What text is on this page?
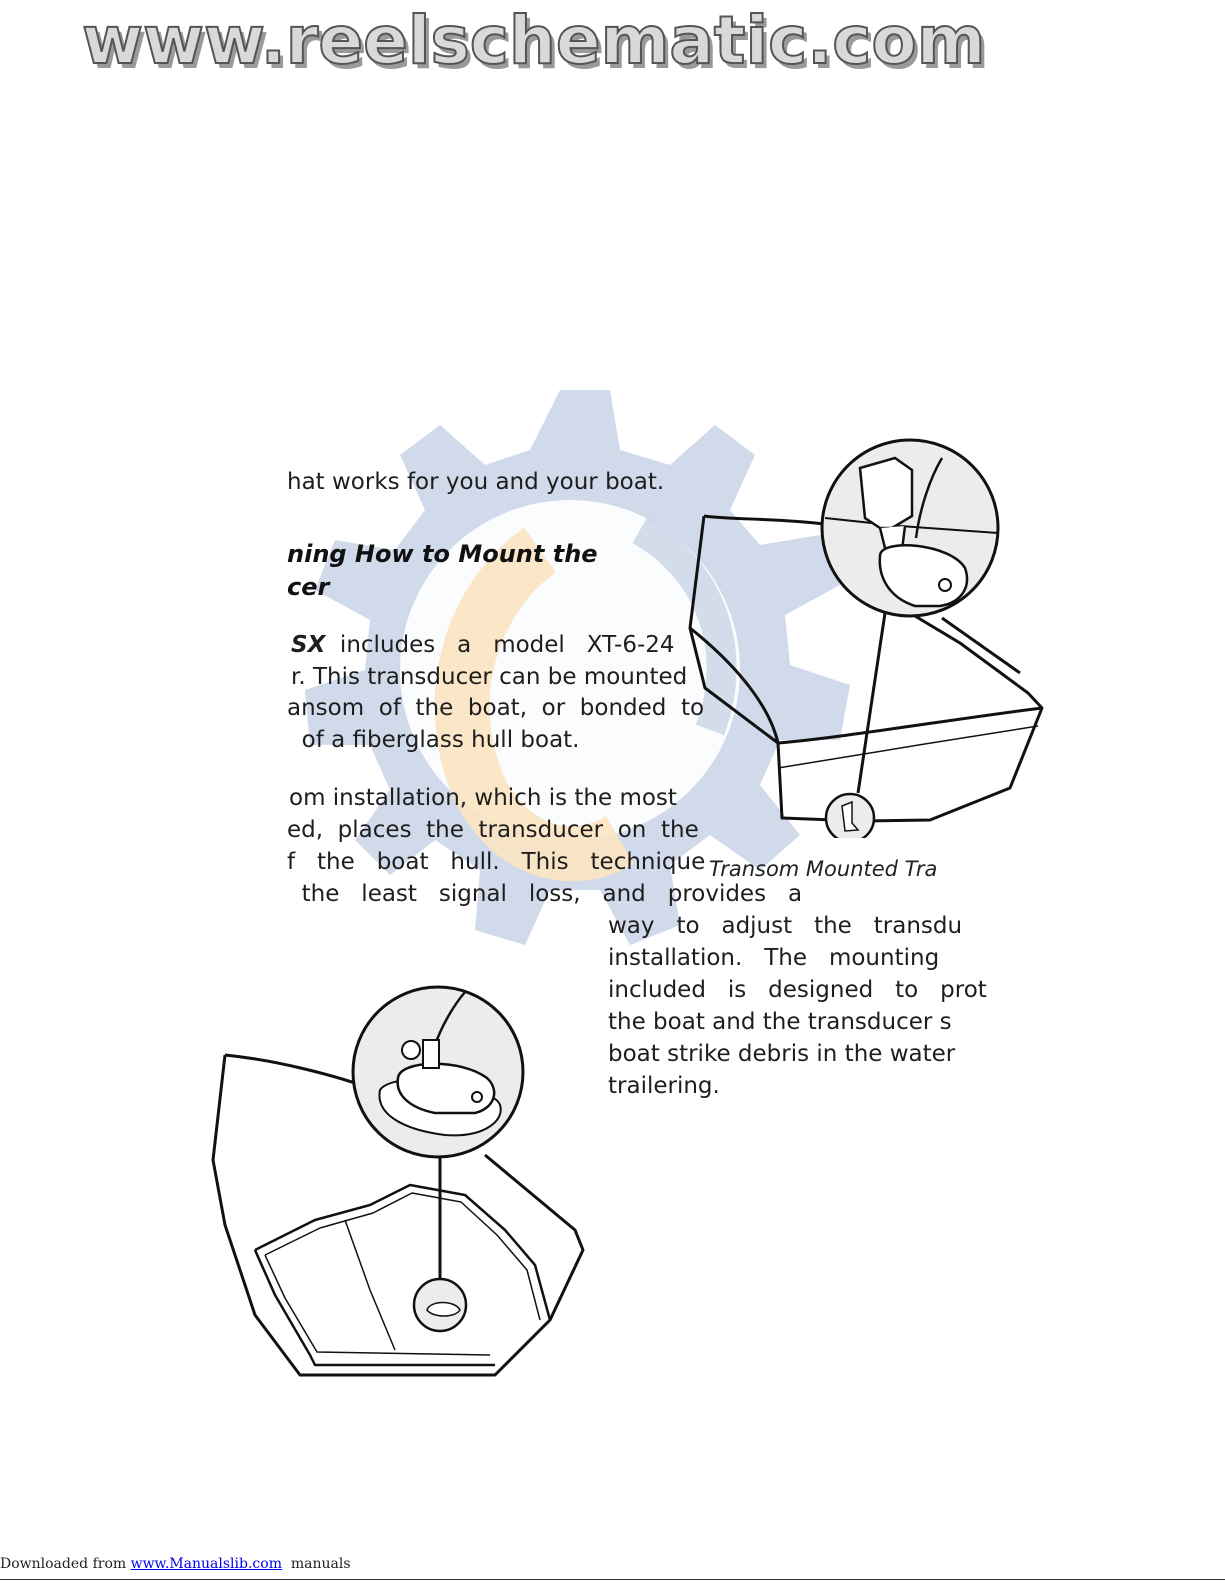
www.reelschematic.com

hat works for you and your boat.

ning How to Mount the

cer

SX  includes   a   model   XT-6-24

r. This transducer can be mounted

ansom  of  the  boat,  or  bonded  to

of a fiberglass hull boat.

om installation, which is the most

ed,  places  the  transducer  on  the

f   the   boat   hull.   This   technique

the   least   signal   loss,   and   provides   a

way   to   adjust   the   transdu

installation.   The   mounting

included   is   designed   to   prot

the boat and the transducer s

boat strike debris in the water

trailering.

Transom Mounted Tra
Downloaded from www.Manualslib.com  manuals
